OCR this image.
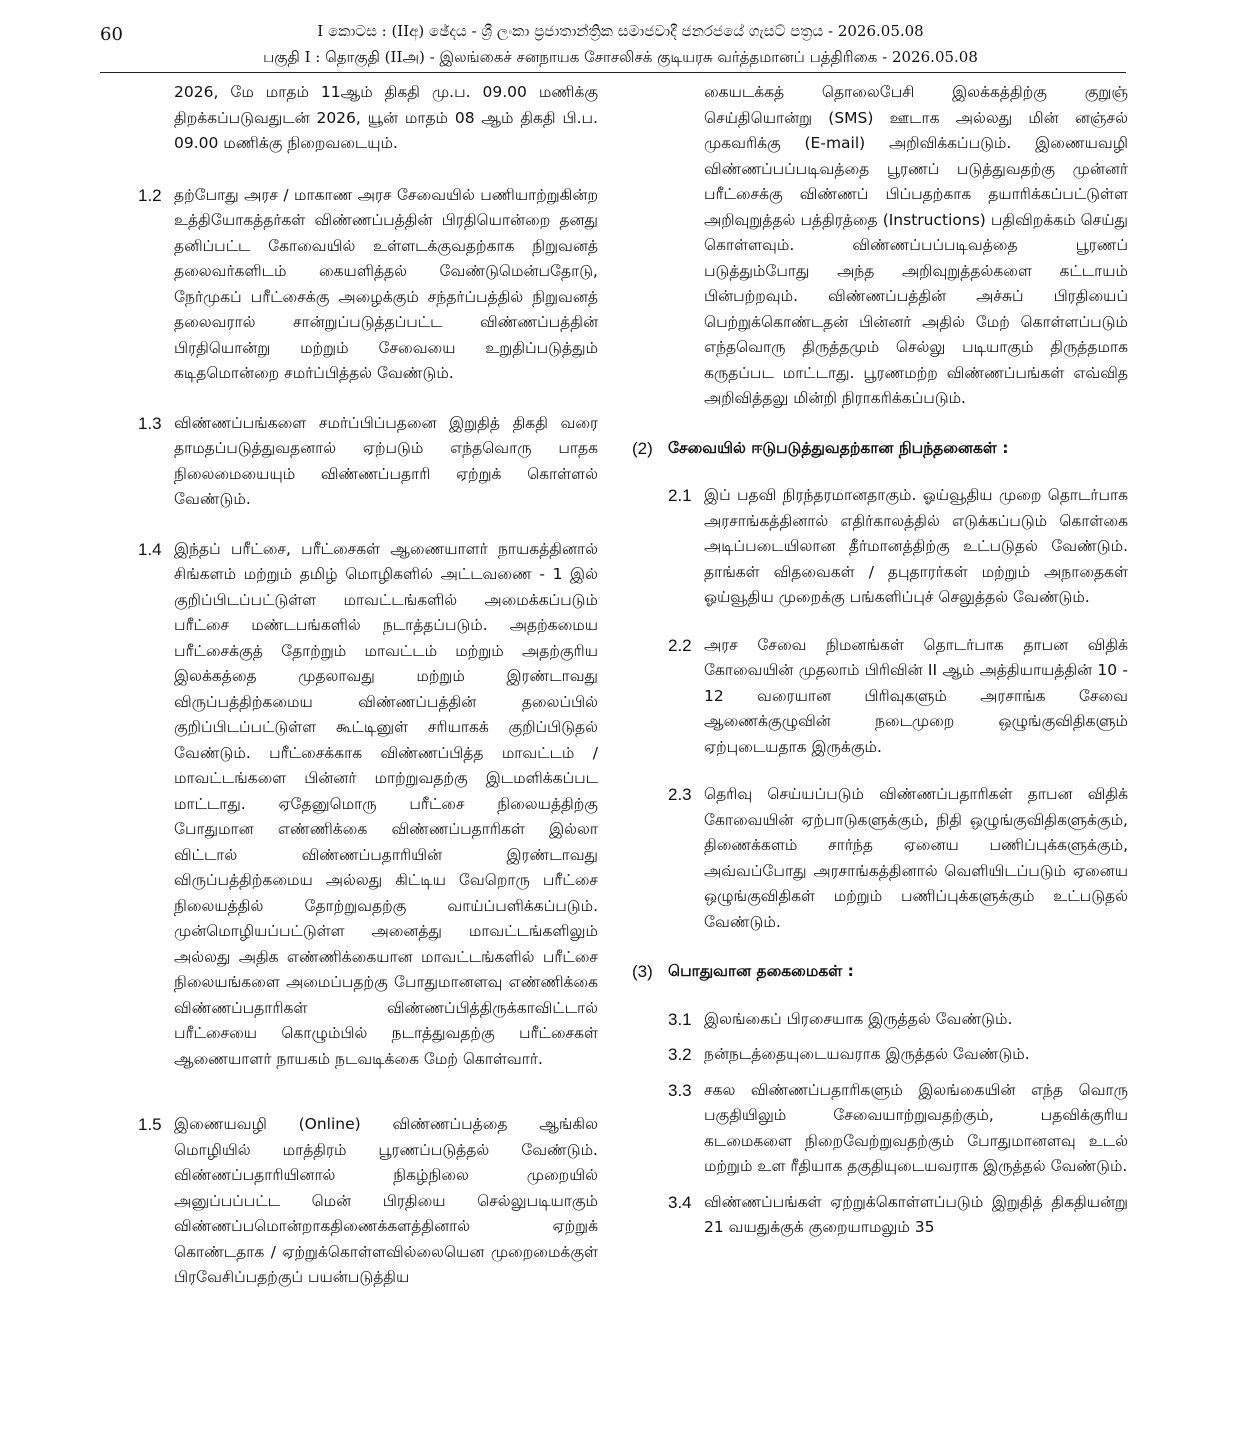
60	I කොටස : (IIඅ) ඡේදය - ශ්‍රී ලංකා ප්‍රජාතාන්ත්‍රික සමාජවාදී ජනරජයේ ගැසට් පත්‍රය - 2026.05.08
பகுதி I : தொகுதி (IIஅ) - இலங்கைச் சனநாயக சோசலிசக் குடியரசு வர்த்தமானப் பத்திரிகை - 2026.05.08

2026, மே மாதம் 11ஆம் திகதி மு.ப. 09.00 மணிக்கு திறக்கப்படுவதுடன் 2026, யூன் மாதம் 08 ஆம் திகதி பி.ப. 09.00 மணிக்கு நிறைவடையும்.

1.2 தற்போது அரச / மாகாண அரச சேவையில் பணியாற்றுகின்ற உத்தியோகத்தர்கள் விண்ணப்பத்தின் பிரதியொன்றை தனது தனிப்பட்ட கோவையில் உள்ளடக்குவதற்காக நிறுவனத் தலைவர்களிடம் கையளித்தல் வேண்டுமென்பதோடு, நேர்முகப் பரீட்சைக்கு அழைக்கும் சந்தர்ப்பத்தில் நிறுவனத் தலைவரால் சான்றுப்படுத்தப்பட்ட விண்ணப்பத்தின் பிரதியொன்று மற்றும் சேவையை உறுதிப்படுத்தும் கடிதமொன்றை சமர்ப்பித்தல் வேண்டும்.

1.3 விண்ணப்பங்களை சமர்ப்பிப்பதனை இறுதித் திகதி வரை தாமதப்படுத்துவதனால் ஏற்படும் எந்தவொரு பாதக நிலைமையையும் விண்ணப்பதாரி ஏற்றுக் கொள்ளல் வேண்டும்.

1.4 இந்தப் பரீட்சை, பரீட்சைகள் ஆணையாளர் நாயகத்தினால் சிங்களம் மற்றும் தமிழ் மொழிகளில் அட்டவணை - 1 இல் குறிப்பிடப்பட்டுள்ள மாவட்டங்களில் அமைக்கப்படும் பரீட்சை மண்டபங்களில் நடாத்தப்படும். அதற்கமைய பரீட்சைக்குத் தோற்றும் மாவட்டம் மற்றும் அதற்குரிய இலக்கத்தை முதலாவது மற்றும் இரண்டாவது விருப்பத்திற்கமைய விண்ணப்பத்தின் தலைப்பில் குறிப்பிடப்பட்டுள்ள கூட்டினுள் சரியாகக் குறிப்பிடுதல் வேண்டும். பரீட்சைக்காக விண்ணப்பித்த மாவட்டம் / மாவட்டங்களை பின்னர் மாற்றுவதற்கு இடமளிக்கப்பட மாட்டாது. ஏதேனுமொரு பரீட்சை நிலையத்திற்கு போதுமான எண்ணிக்கை விண்ணப்பதாரிகள் இல்லா விட்டால் விண்ணப்பதாரியின் இரண்டாவது விருப்பத்திற்கமைய அல்லது கிட்டிய வேறொரு பரீட்சை நிலையத்தில் தோற்றுவதற்கு வாய்ப்பளிக்கப்படும். முன்மொழியப்பட்டுள்ள அனைத்து மாவட்டங்களிலும் அல்லது அதிக எண்ணிக்கையான மாவட்டங்களில் பரீட்சை நிலையங்களை அமைப்பதற்கு போதுமானளவு எண்ணிக்கை விண்ணப்பதாரிகள் விண்ணப்பித்திருக்காவிட்டால் பரீட்சையை கொழும்பில் நடாத்துவதற்கு பரீட்சைகள் ஆணையாளர் நாயகம் நடவடிக்கை மேற் கொள்வார்.

1.5 இணையவழி (Online) விண்ணப்பத்தை ஆங்கில மொழியில் மாத்திரம் பூரணப்படுத்தல் வேண்டும். விண்ணப்பதாரியினால் நிகழ்நிலை முறையில் அனுப்பப்பட்ட மென் பிரதியை செல்லுபடியாகும் விண்ணப்பமொன்றாகதிணைக்களத்தினால் ஏற்றுக் கொண்டதாக / ஏற்றுக்கொள்ளவில்லையென முறைமைக்குள் பிரவேசிப்பதற்குப் பயன்படுத்திய

கையடக்கத் தொலைபேசி இலக்கத்திற்கு குறுஞ் செய்தியொன்று (SMS) ஊடாக அல்லது மின் னஞ்சல் முகவரிக்கு (E-mail) அறிவிக்கப்படும். இணையவழி விண்ணப்பப்படிவத்தை பூரணப் படுத்துவதற்கு முன்னர் பரீட்சைக்கு விண்ணப் பிப்பதற்காக தயாரிக்கப்பட்டுள்ள அறிவுறுத்தல் பத்திரத்தை (Instructions) பதிவிறக்கம் செய்து கொள்ளவும். விண்ணப்பப்படிவத்தை பூரணப் படுத்தும்போது அந்த அறிவுறுத்தல்களை கட்டாயம் பின்பற்றவும். விண்ணப்பத்தின் அச்சுப் பிரதியைப் பெற்றுக்கொண்டதன் பின்னர் அதில் மேற் கொள்ளப்படும் எந்தவொரு திருத்தமும் செல்லு படியாகும் திருத்தமாக கருதப்பட மாட்டாது. பூரணமற்ற விண்ணப்பங்கள் எவ்வித அறிவித்தலு மின்றி நிராகரிக்கப்படும்.

(2) சேவையில் ஈடுபடுத்துவதற்கான நிபந்தனைகள் :
2.1 இப் பதவி நிரந்தரமானதாகும். ஓய்வூதிய முறை தொடர்பாக அரசாங்கத்தினால் எதிர்காலத்தில் எடுக்கப்படும் கொள்கை அடிப்படையிலான தீர்மானத்திற்கு உட்படுதல் வேண்டும். தாங்கள் விதவைகள் / தபுதாரர்கள் மற்றும் அநாதைகள் ஓய்வூதிய முறைக்கு பங்களிப்புச் செலுத்தல் வேண்டும்.

2.2 அரச சேவை நிமனங்கள் தொடர்பாக தாபன விதிக் கோவையின் முதலாம் பிரிவின் II ஆம் அத்தியாயத்தின் 10 - 12 வரையான பிரிவுகளும் அரசாங்க சேவை ஆணைக்குழுவின் நடைமுறை ஒழுங்குவிதிகளும் ஏற்புடையதாக இருக்கும்.

2.3 தெரிவு செய்யப்படும் விண்ணப்பதாரிகள் தாபன விதிக் கோவையின் ஏற்பாடுகளுக்கும், நிதி ஒழுங்குவிதிகளுக்கும், திணைக்களம் சார்ந்த ஏனைய பணிப்புக்களுக்கும், அவ்வப்போது அரசாங்கத்தினால் வெளியிடப்படும் ஏனைய ஒழுங்குவிதிகள் மற்றும் பணிப்புக்களுக்கும் உட்படுதல் வேண்டும்.

(3) பொதுவான தகைமைகள் :
3.1 இலங்கைப் பிரசையாக இருத்தல் வேண்டும்.

3.2 நன்நடத்தையுடையவராக இருத்தல் வேண்டும்.

3.3 சகல விண்ணப்பதாரிகளும் இலங்கையின் எந்த வொரு பகுதியிலும் சேவையாற்றுவதற்கும், பதவிக்குரிய கடமைகளை நிறைவேற்றுவதற்கும் போதுமானளவு உடல் மற்றும் உள ரீதியாக தகுதியுடையவராக இருத்தல் வேண்டும்.

3.4 விண்ணப்பங்கள் ஏற்றுக்கொள்ளப்படும் இறுதித் திகதியன்று 21 வயதுக்குக் குறையாமலும் 35
